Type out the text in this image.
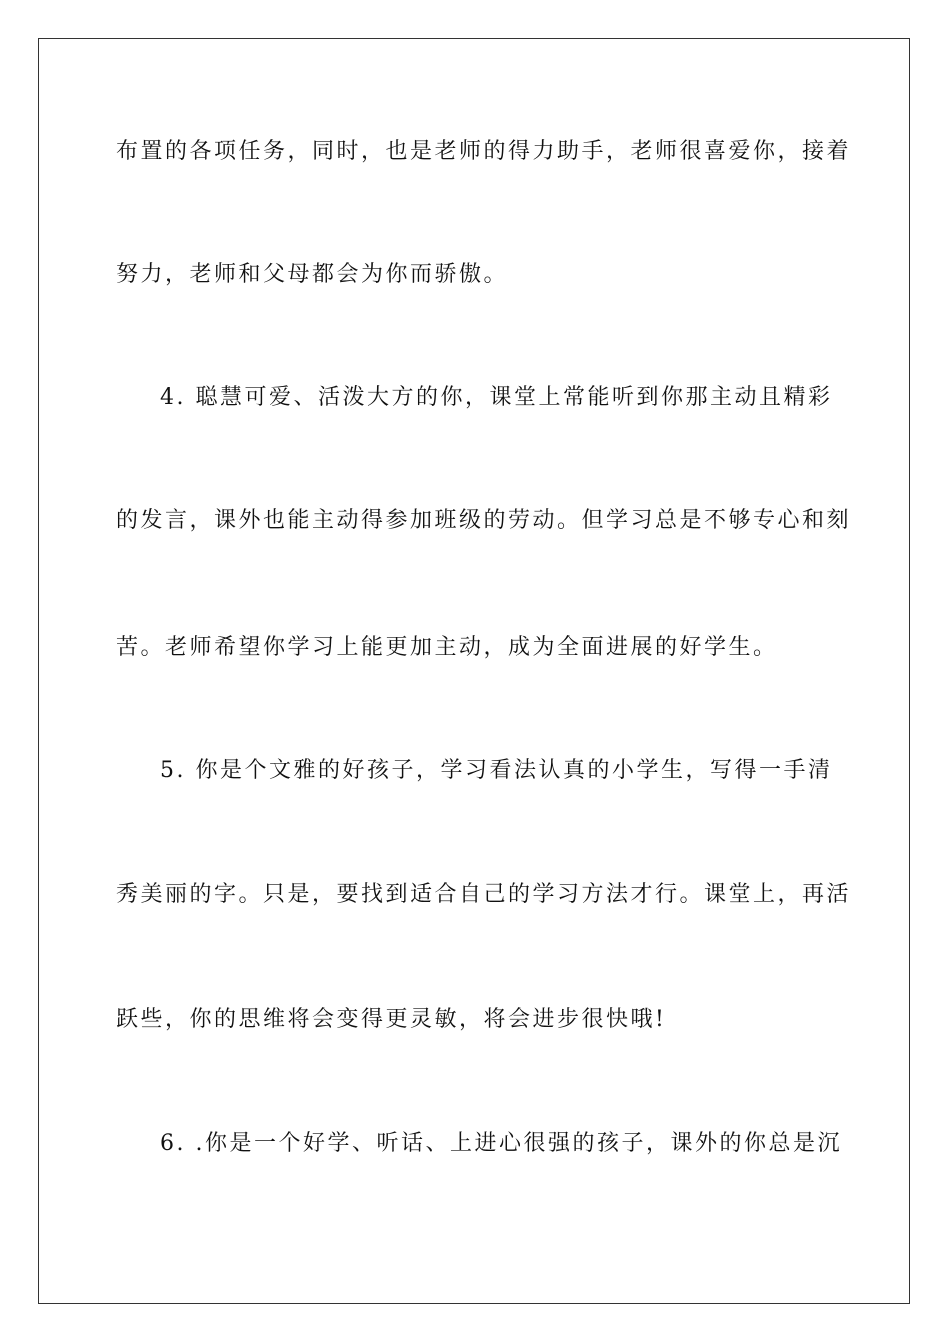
布置的各项任务，同时，也是老师的得力助手，老师很喜爱你，接着
努力，老师和父母都会为你而骄傲。
4. 聪慧可爱、活泼大方的你，课堂上常能听到你那主动且精彩
的发言，课外也能主动得参加班级的劳动。但学习总是不够专心和刻
苦。老师希望你学习上能更加主动，成为全面进展的好学生。
5. 你是个文雅的好孩子，学习看法认真的小学生，写得一手清
秀美丽的字。只是，要找到适合自己的学习方法才行。课堂上，再活
跃些，你的思维将会变得更灵敏，将会进步很快哦!
6. .你是一个好学、听话、上进心很强的孩子，课外的你总是沉
